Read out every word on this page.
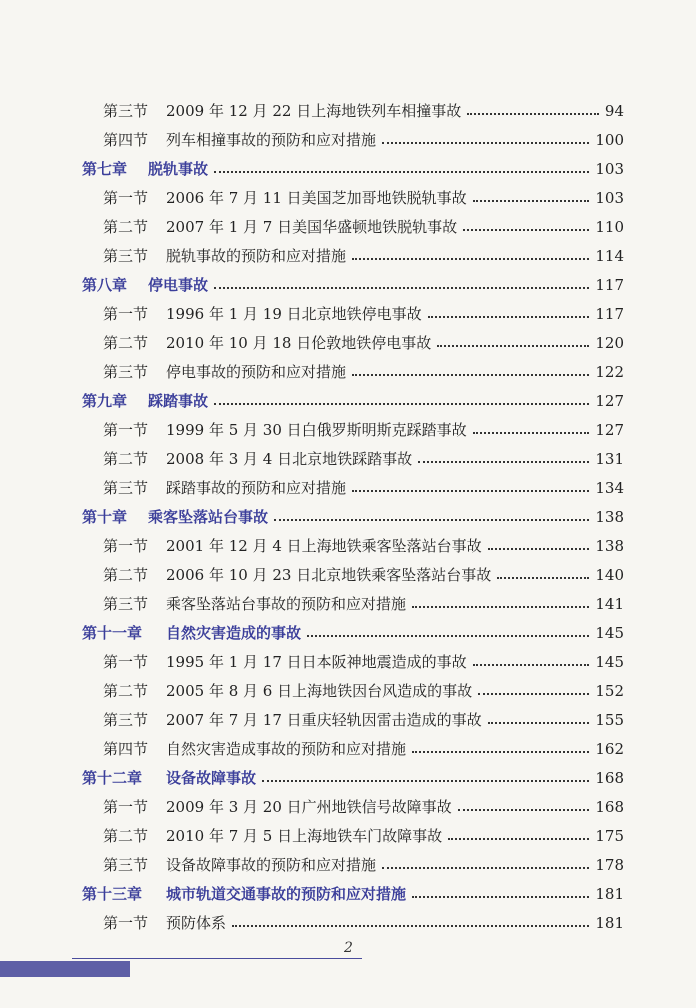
第三节 2009 年 12 月 22 日上海地铁列车相撞事故	94
第四节 列车相撞事故的预防和应对措施	100
第七章 脱轨事故	103
第一节 2006 年 7 月 11 日美国芝加哥地铁脱轨事故	103
第二节 2007 年 1 月 7 日美国华盛顿地铁脱轨事故	110
第三节 脱轨事故的预防和应对措施	114
第八章 停电事故	117
第一节 1996 年 1 月 19 日北京地铁停电事故	117
第二节 2010 年 10 月 18 日伦敦地铁停电事故	120
第三节 停电事故的预防和应对措施	122
第九章 踩踏事故	127
第一节 1999 年 5 月 30 日白俄罗斯明斯克踩踏事故	127
第二节 2008 年 3 月 4 日北京地铁踩踏事故	131
第三节 踩踏事故的预防和应对措施	134
第十章 乘客坠落站台事故	138
第一节 2001 年 12 月 4 日上海地铁乘客坠落站台事故	138
第二节 2006 年 10 月 23 日北京地铁乘客坠落站台事故	140
第三节 乘客坠落站台事故的预防和应对措施	141
第十一章 自然灾害造成的事故	145
第一节 1995 年 1 月 17 日日本阪神地震造成的事故	145
第二节 2005 年 8 月 6 日上海地铁因台风造成的事故	152
第三节 2007 年 7 月 17 日重庆轻轨因雷击造成的事故	155
第四节 自然灾害造成事故的预防和应对措施	162
第十二章 设备故障事故	168
第一节 2009 年 3 月 20 日广州地铁信号故障事故	168
第二节 2010 年 7 月 5 日上海地铁车门故障事故	175
第三节 设备故障事故的预防和应对措施	178
第十三章 城市轨道交通事故的预防和应对措施	181
第一节 预防体系	181
2
